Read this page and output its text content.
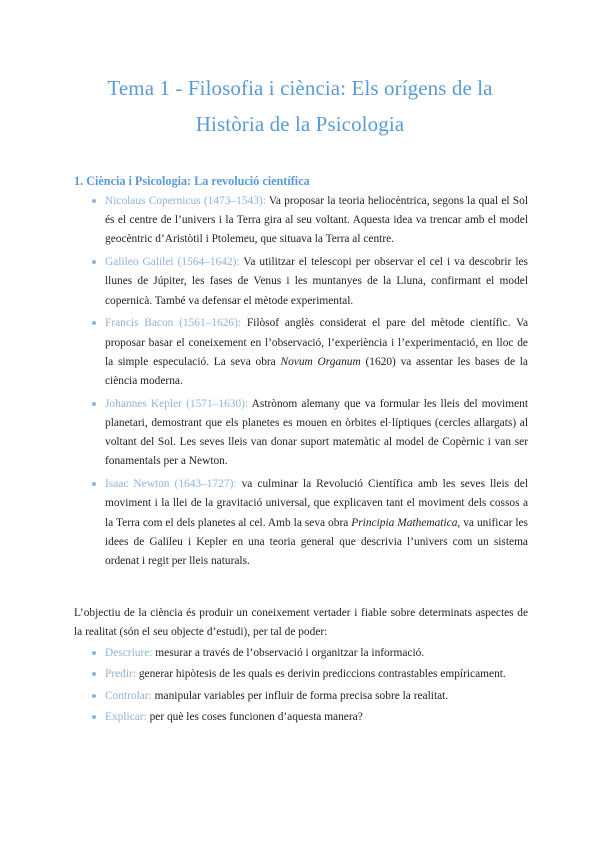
Tema 1 - Filosofia i ciència: Els orígens de la
Història de la Psicologia
1. Ciència i Psicologia: La revolució científica
Nicolaus Copernicus (1473–1543): Va proposar la teoria heliocèntrica, segons la qual el Sol és el centre de l’univers i la Terra gira al seu voltant. Aquesta idea va trencar amb el model geocèntric d’Aristòtil i Ptolemeu, que situava la Terra al centre.
Galileo Galilei (1564–1642): Va utilitzar el telescopi per observar el cel i va descobrir les llunes de Júpiter, les fases de Venus i les muntanyes de la Lluna, confirmant el model copernicà. També va defensar el mètode experimental.
Francis Bacon (1561–1626): Filòsof anglès considerat el pare del mètode científic. Va proposar basar el coneixement en l’observació, l’experiència i l’experimentació, en lloc de la simple especulació. La seva obra Novum Organum (1620) va assentar les bases de la ciència moderna.
Johannes Kepler (1571–1630): Astrònom alemany que va formular les lleis del moviment planetari, demostrant que els planetes es mouen en òrbites el·líptiques (cercles allargats) al voltant del Sol. Les seves lleis van donar suport matemàtic al model de Copèrnic i van ser fonamentals per a Newton.
Isaac Newton (1643–1727): va culminar la Revolució Científica amb les seves lleis del moviment i la llei de la gravitació universal, que explicaven tant el moviment dels cossos a la Terra com el dels planetes al cel. Amb la seva obra Principia Mathematica, va unificar les idees de Galileu i Kepler en una teoria general que descrivia l’univers com un sistema ordenat i regit per lleis naturals.

L’objectiu de la ciència és produir un coneixement vertader i fiable sobre determinats aspectes de la realitat (són el seu objecte d’estudi), per tal de poder:

Descriure: mesurar a través de l’observació i organitzar la informació.
Predir: generar hipòtesis de les quals es derivin prediccions contrastables empíricament.
Controlar: manipular variables per influir de forma precisa sobre la realitat.
Explicar: per què les coses funcionen d’aquesta manera?
